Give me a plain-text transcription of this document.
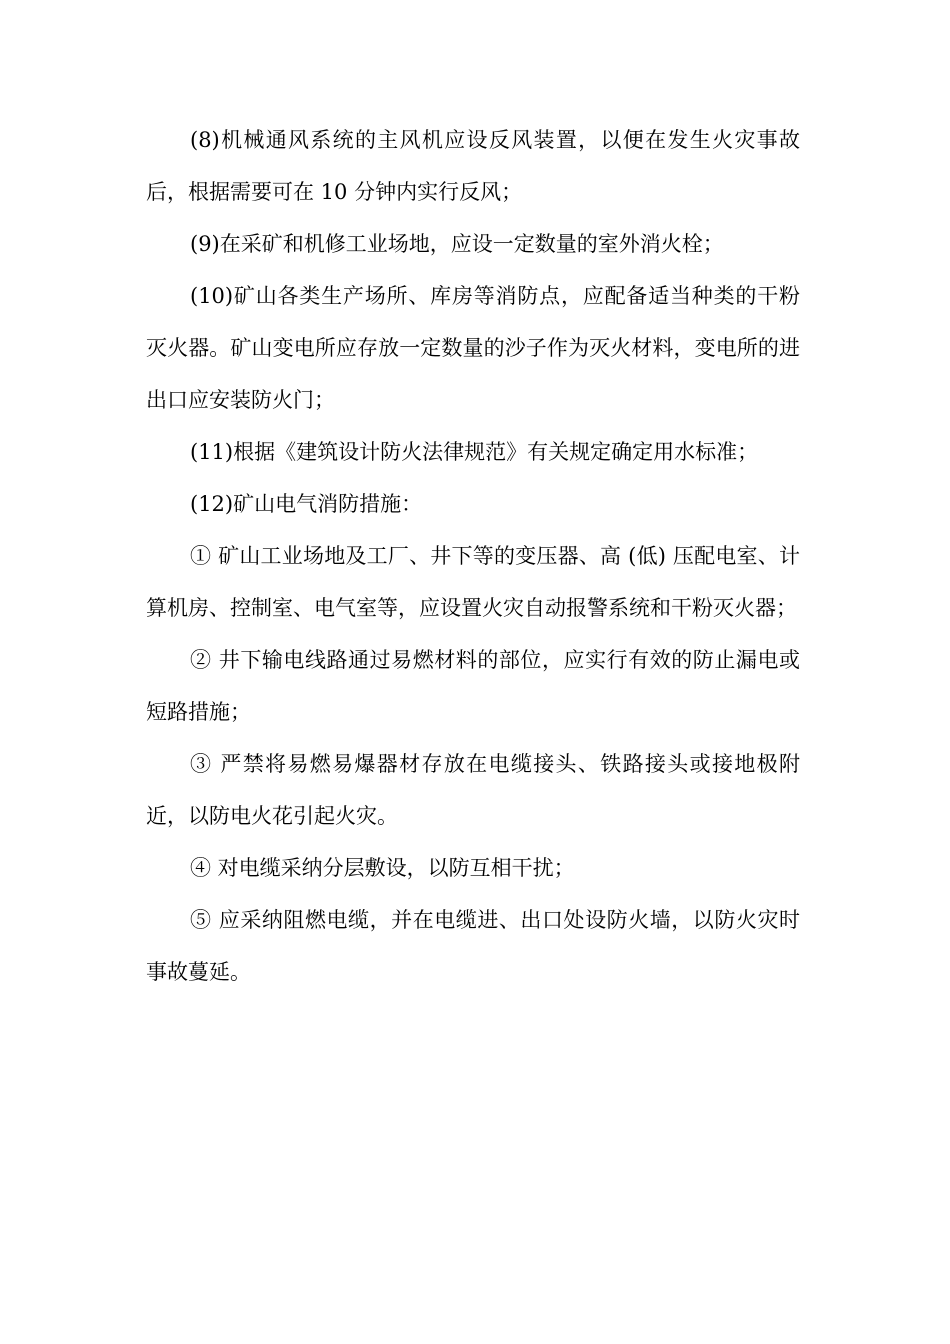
(8)机械通风系统的主风机应设反风装置，以便在发生火灾事故后，根据需要可在 10 分钟内实行反风；

(9)在采矿和机修工业场地，应设一定数量的室外消火栓；

(10)矿山各类生产场所、库房等消防点，应配备适当种类的干粉灭火器。矿山变电所应存放一定数量的沙子作为灭火材料，变电所的进出口应安装防火门；

(11)根据《建筑设计防火法律规范》有关规定确定用水标准；

(12)矿山电气消防措施：

① 矿山工业场地及工厂、井下等的变压器、高 (低) 压配电室、计算机房、控制室、电气室等，应设置火灾自动报警系统和干粉灭火器；

② 井下输电线路通过易燃材料的部位，应实行有效的防止漏电或短路措施；

③ 严禁将易燃易爆器材存放在电缆接头、铁路接头或接地极附近，以防电火花引起火灾。

④ 对电缆采纳分层敷设，以防互相干扰；

⑤ 应采纳阻燃电缆，并在电缆进、出口处设防火墙，以防火灾时事故蔓延。
